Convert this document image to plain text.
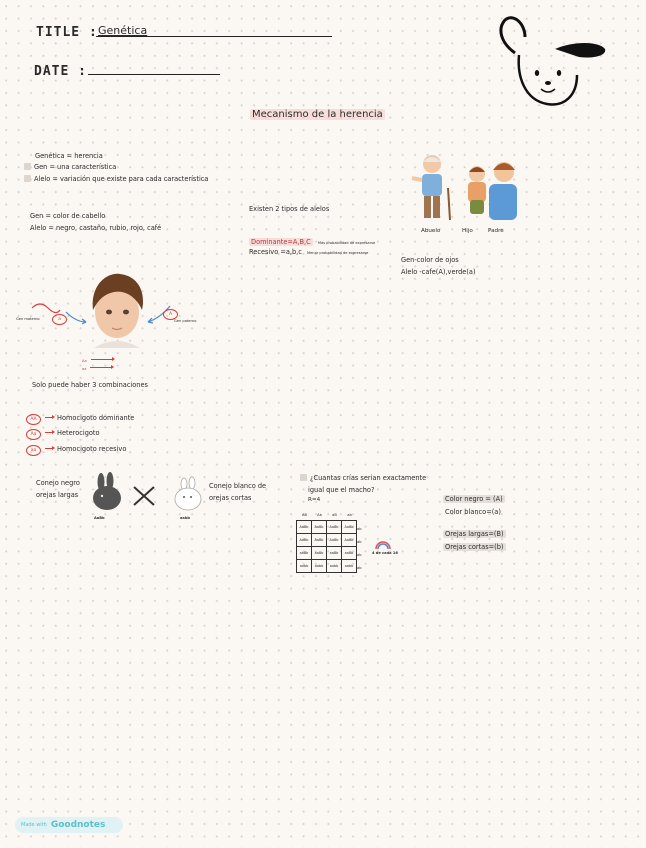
TITLE : Genética
DATE :
Mecanismo de la herencia
Genética = herencia
Gen = una característica
Alelo = variación que existe para cada característica
Gen = color de cabello
Alelo = negro, castaño, rubio, rojo, café
Existen 2 tipos de alelos
Dominante=A,B,C Más probabilidad de expresarse
Recesivo =a,b,c Menor probabilidad de expresarse
Abuelo	Hijo	Padre
Gen-color de ojos
Alelo -cafe(A),verde(a)
a
A
Gen materno	Gen paterno
Aa
aa
Solo puede haber 3 combinaciones
AA	Homocigoto dominante
Aa	Heterocigoto
aa	Homocigoto recesivo
Conejo negro
orejas largas
AaBb	aabb
Conejo blanco de
orejas cortas
¿Cuantas crías serian exactamente
igual que el macho?
R=4
AB	Ab	aB	ab
AaBb	AaBb	AaBb	AaBb
AaBb	AaBb	AaBb	AaBb
aaBb	aaBb	aaBb	aaBb
aabb	aabb	aabb	aabb
ab
ab
ab
ab
4 de cada 16
Color negro = (A)
Color blanco=(a)
Orejas largas=(B)
Orejas cortas=(b)
Made with Goodnotes
